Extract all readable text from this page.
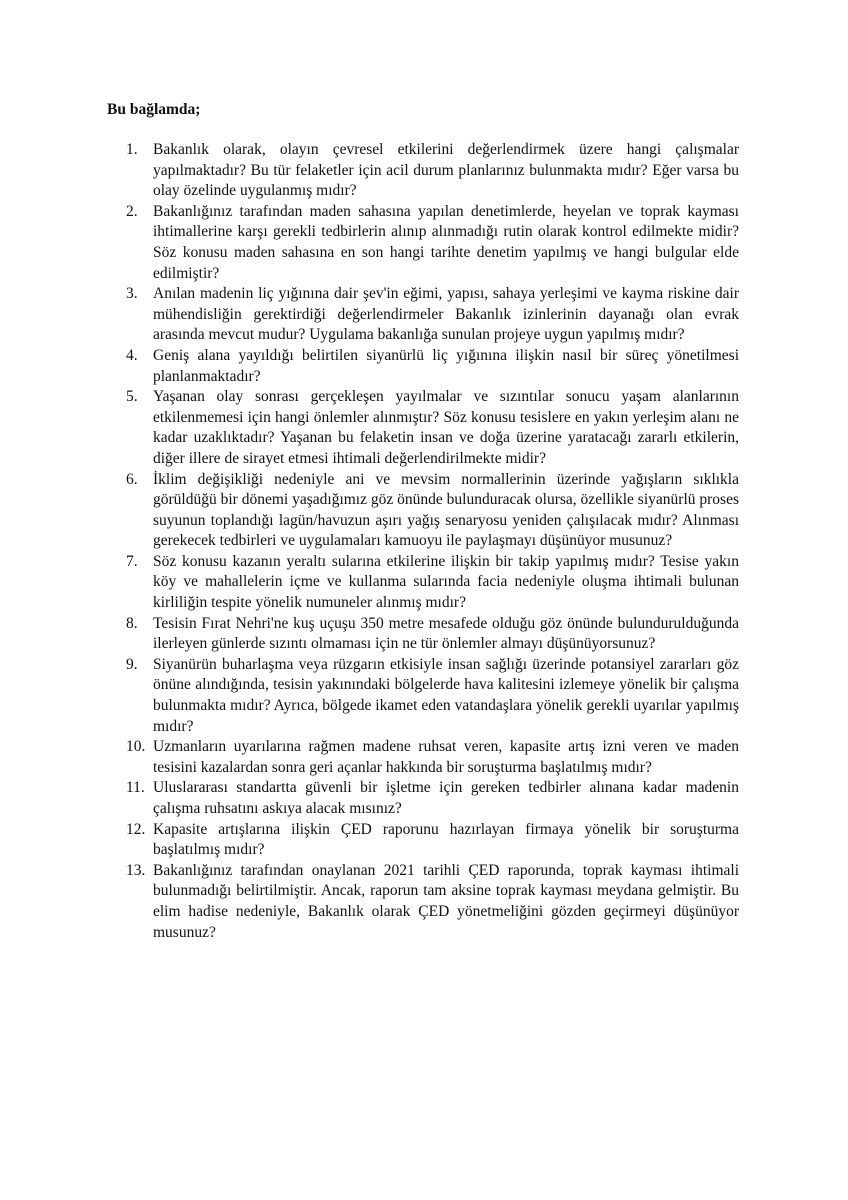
Bu bağlamda;

1. Bakanlık olarak, olayın çevresel etkilerini değerlendirmek üzere hangi çalışmalar yapılmaktadır? Bu tür felaketler için acil durum planlarınız bulunmakta mıdır? Eğer varsa bu olay özelinde uygulanmış mıdır?
2. Bakanlığınız tarafından maden sahasına yapılan denetimlerde, heyelan ve toprak kayması ihtimallerine karşı gerekli tedbirlerin alınıp alınmadığı rutin olarak kontrol edilmekte midir? Söz konusu maden sahasına en son hangi tarihte denetim yapılmış ve hangi bulgular elde edilmiştir?
3. Anılan madenin liç yığınına dair şev'in eğimi, yapısı, sahaya yerleşimi ve kayma riskine dair mühendisliğin gerektirdiği değerlendirmeler Bakanlık izinlerinin dayanağı olan evrak arasında mevcut mudur? Uygulama bakanlığa sunulan projeye uygun yapılmış mıdır?
4. Geniş alana yayıldığı belirtilen siyanürlü liç yığınına ilişkin nasıl bir süreç yönetilmesi planlanmaktadır?
5. Yaşanan olay sonrası gerçekleşen yayılmalar ve sızıntılar sonucu yaşam alanlarının etkilenmemesi için hangi önlemler alınmıştır? Söz konusu tesislere en yakın yerleşim alanı ne kadar uzaklıktadır? Yaşanan bu felaketin insan ve doğa üzerine yaratacağı zararlı etkilerin, diğer illere de sirayet etmesi ihtimali değerlendirilmekte midir?
6. İklim değişikliği nedeniyle ani ve mevsim normallerinin üzerinde yağışların sıklıkla görüldüğü bir dönemi yaşadığımız göz önünde bulunduracak olursa, özellikle siyanürlü proses suyunun toplandığı lagün/havuzun aşırı yağış senaryosu yeniden çalışılacak mıdır? Alınması gerekecek tedbirleri ve uygulamaları kamuoyu ile paylaşmayı düşünüyor musunuz?
7. Söz konusu kazanın yeraltı sularına etkilerine ilişkin bir takip yapılmış mıdır? Tesise yakın köy ve mahallelerin içme ve kullanma sularında facia nedeniyle oluşma ihtimali bulunan kirliliğin tespite yönelik numuneler alınmış mıdır?
8. Tesisin Fırat Nehri'ne kuş uçuşu 350 metre mesafede olduğu göz önünde bulundurulduğunda ilerleyen günlerde sızıntı olmaması için ne tür önlemler almayı düşünüyorsunuz?
9. Siyanürün buharlaşma veya rüzgarın etkisiyle insan sağlığı üzerinde potansiyel zararları göz önüne alındığında, tesisin yakınındaki bölgelerde hava kalitesini izlemeye yönelik bir çalışma bulunmakta mıdır? Ayrıca, bölgede ikamet eden vatandaşlara yönelik gerekli uyarılar yapılmış mıdır?
10. Uzmanların uyarılarına rağmen madene ruhsat veren, kapasite artış izni veren ve maden tesisini kazalardan sonra geri açanlar hakkında bir soruşturma başlatılmış mıdır?
11. Uluslararası standartta güvenli bir işletme için gereken tedbirler alınana kadar madenin çalışma ruhsatını askıya alacak mısınız?
12. Kapasite artışlarına ilişkin ÇED raporunu hazırlayan firmaya yönelik bir soruşturma başlatılmış mıdır?
13. Bakanlığınız tarafından onaylanan 2021 tarihli ÇED raporunda, toprak kayması ihtimali bulunmadığı belirtilmiştir. Ancak, raporun tam aksine toprak kayması meydana gelmiştir. Bu elim hadise nedeniyle, Bakanlık olarak ÇED yönetmeliğini gözden geçirmeyi düşünüyor musunuz?
